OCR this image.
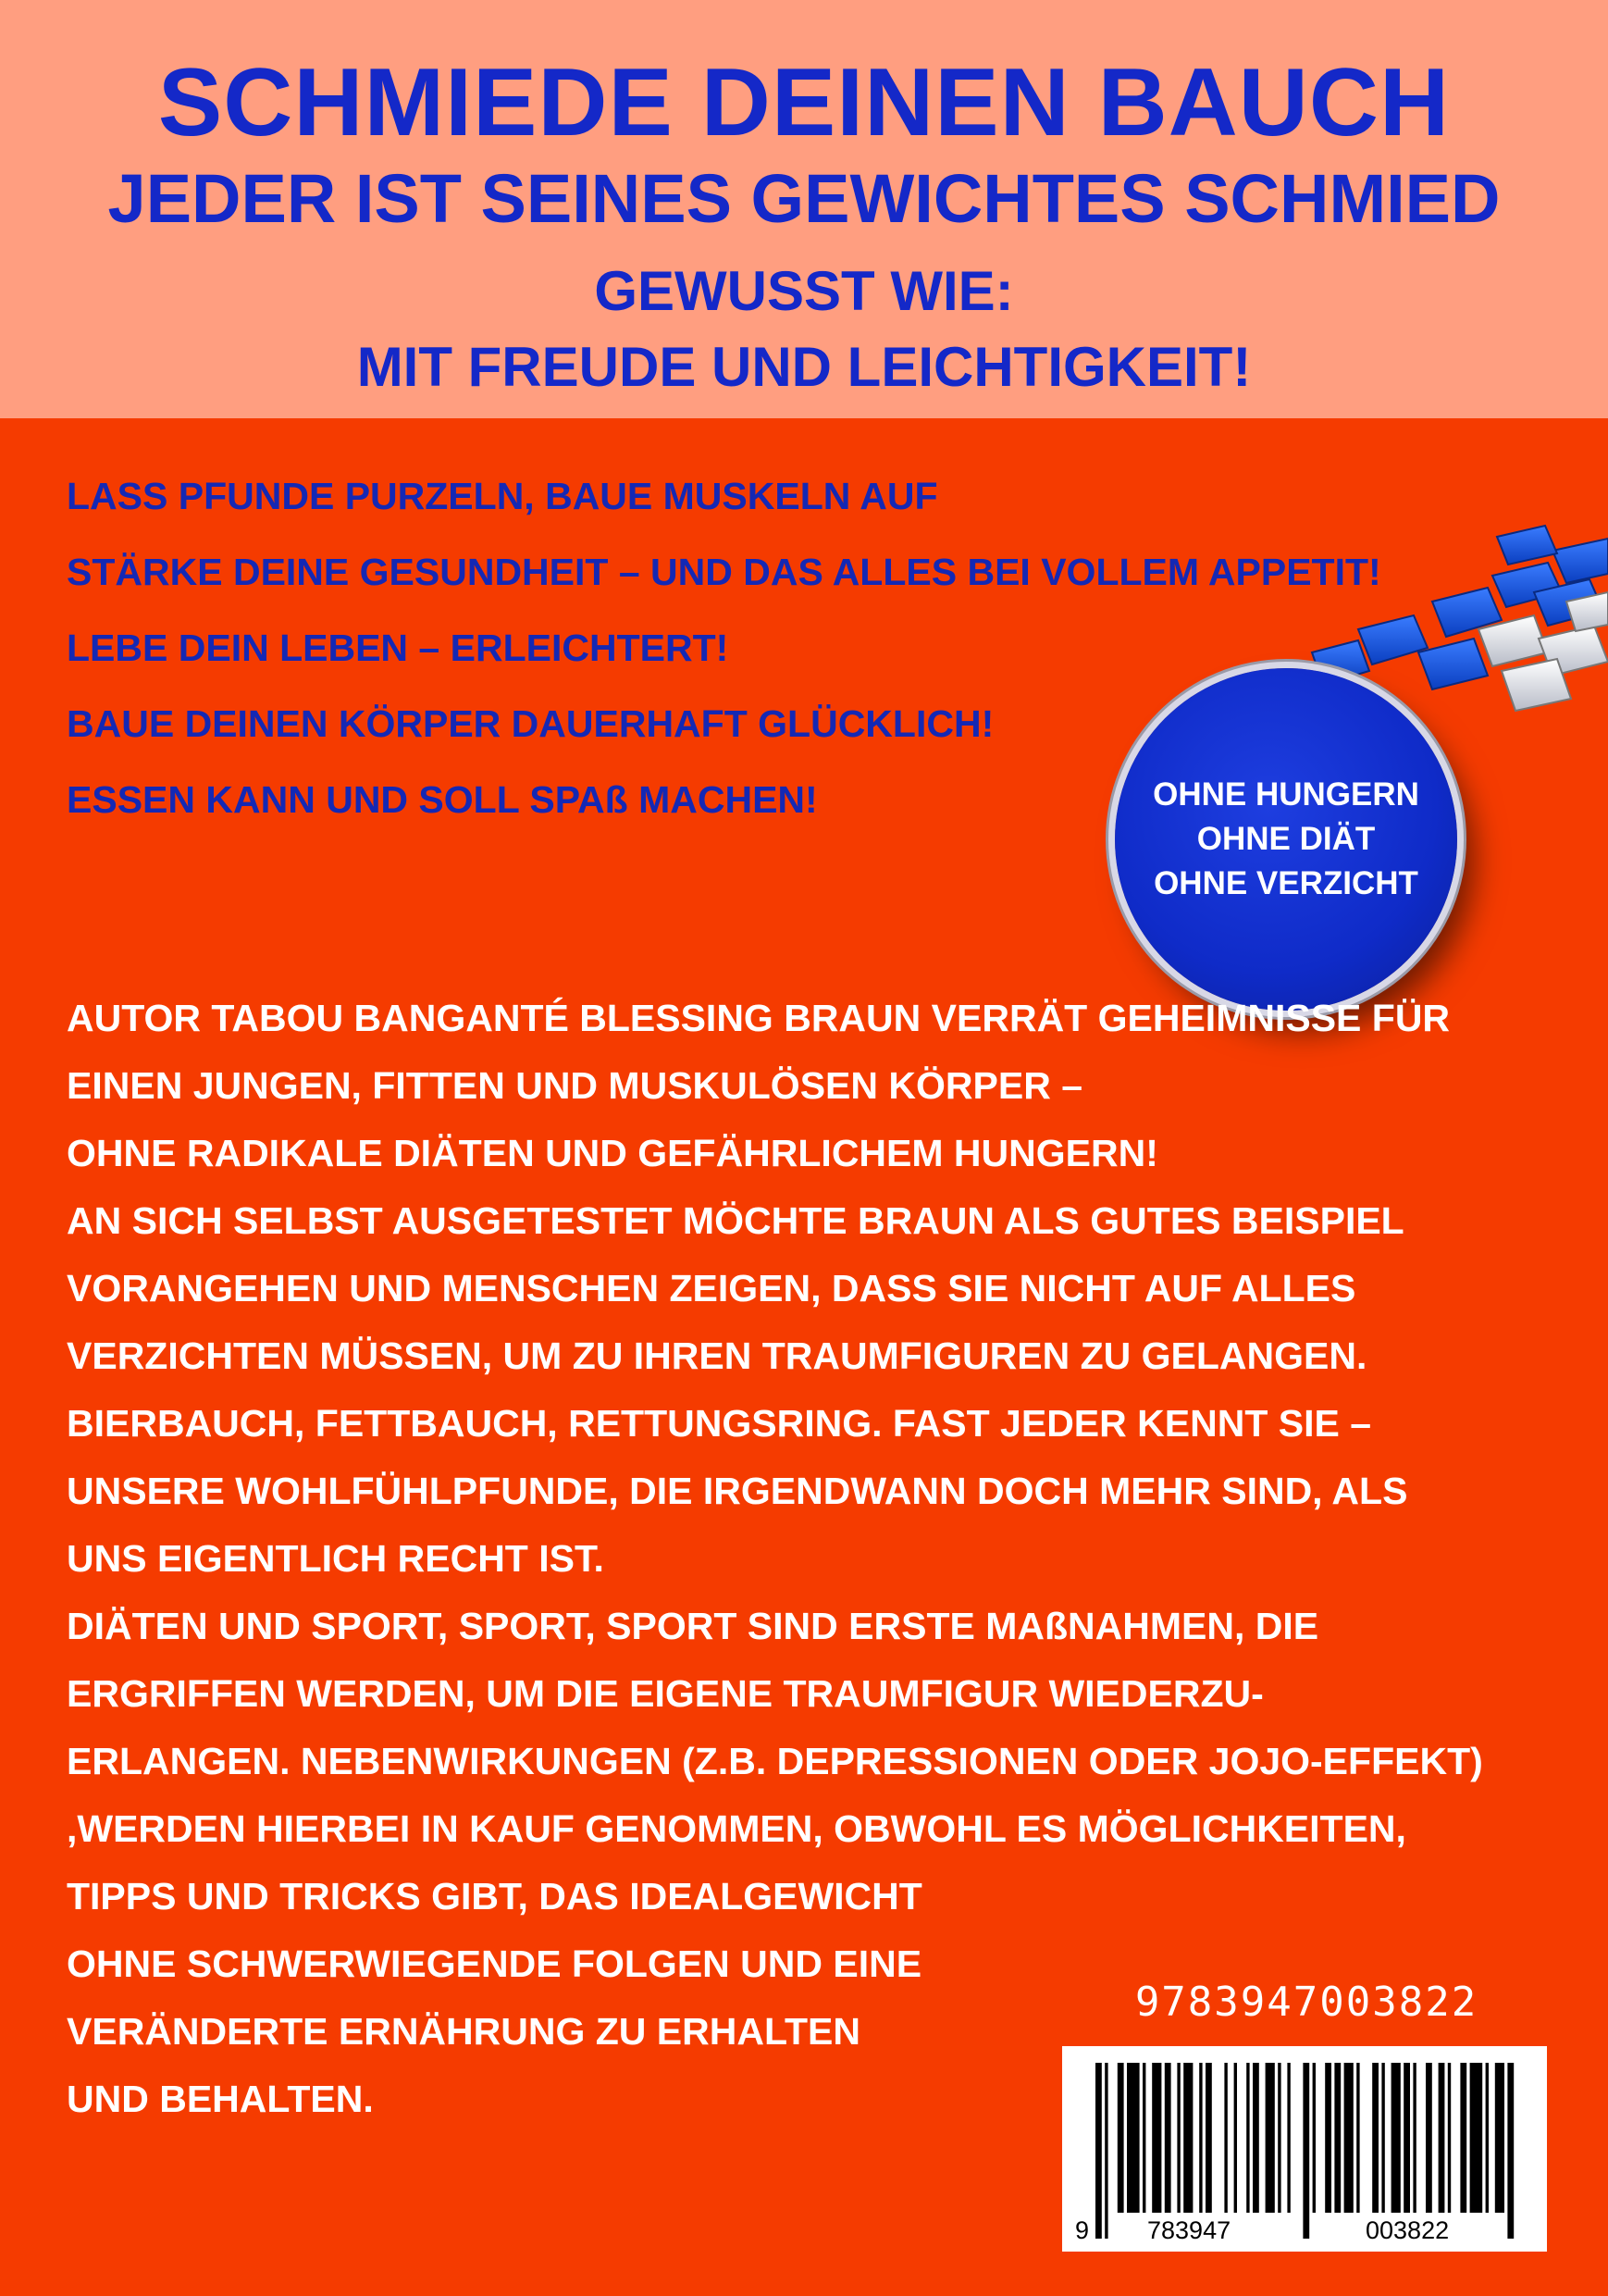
SCHMIEDE DEINEN BAUCH
JEDER IST SEINES GEWICHTES SCHMIED
GEWUSST WIE:
MIT FREUDE UND LEICHTIGKEIT!
LASS PFUNDE PURZELN, BAUE MUSKELN AUF
STÄRKE DEINE GESUNDHEIT – UND DAS ALLES BEI VOLLEM APPETIT!
LEBE DEIN LEBEN – ERLEICHTERT!
BAUE DEINEN KÖRPER DAUERHAFT GLÜCKLICH!
ESSEN KANN UND SOLL SPAß MACHEN!	OHNE HUNGERN
OHNE DIÄT
OHNE VERZICHT
AUTOR TABOU BANGANTÉ BLESSING BRAUN VERRÄT GEHEIMNISSE FÜR
EINEN JUNGEN, FITTEN UND MUSKULÖSEN KÖRPER –
OHNE RADIKALE DIÄTEN UND GEFÄHRLICHEM HUNGERN!
AN SICH SELBST AUSGETESTET MÖCHTE BRAUN ALS GUTES BEISPIEL
VORANGEHEN UND MENSCHEN ZEIGEN, DASS SIE NICHT AUF ALLES
VERZICHTEN MÜSSEN, UM ZU IHREN TRAUMFIGUREN ZU GELANGEN.
BIERBAUCH, FETTBAUCH, RETTUNGSRING. FAST JEDER KENNT SIE –
UNSERE WOHLFÜHLPFUNDE, DIE IRGENDWANN DOCH MEHR SIND, ALS
UNS EIGENTLICH RECHT IST.
DIÄTEN UND SPORT, SPORT, SPORT SIND ERSTE MAßNAHMEN, DIE
ERGRIFFEN WERDEN, UM DIE EIGENE TRAUMFIGUR WIEDERZU-
ERLANGEN. NEBENWIRKUNGEN (Z.B. DEPRESSIONEN ODER JOJO-EFFEKT)
,WERDEN HIERBEI IN KAUF GENOMMEN, OBWOHL ES MÖGLICHKEITEN,
TIPPS UND TRICKS GIBT, DAS IDEALGEWICHT
OHNE SCHWERWIEGENDE FOLGEN UND EINE
VERÄNDERTE ERNÄHRUNG ZU ERHALTEN
UND BEHALTEN.
9783947003822
9 783947	003822
